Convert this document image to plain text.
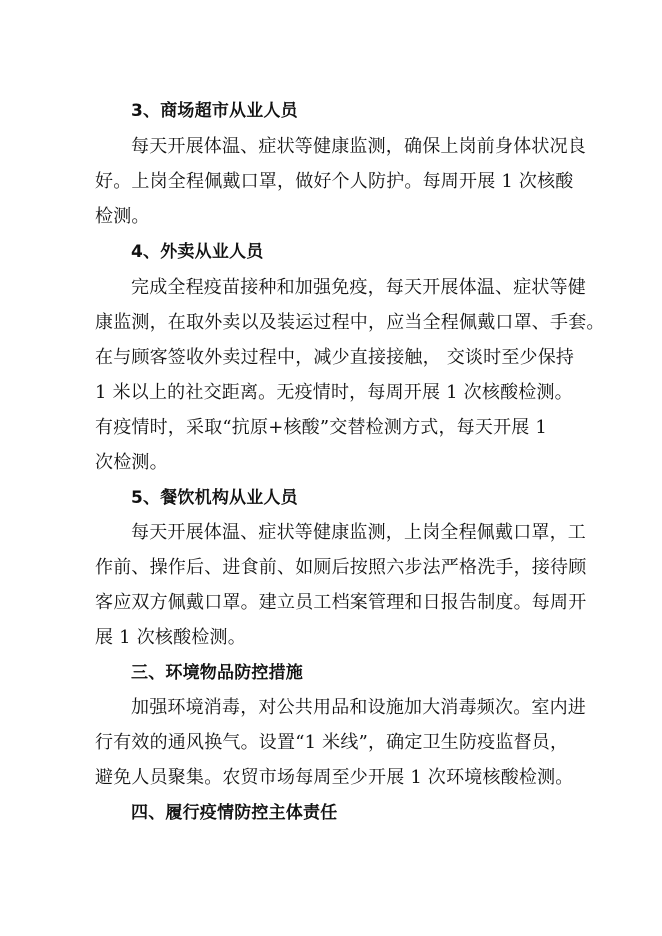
3、商场超市从业人员
每天开展体温、症状等健康监测，确保上岗前身体状况良
好。上岗全程佩戴口罩，做好个人防护。每周开展 1 次核酸
检测。
4、外卖从业人员
完成全程疫苗接种和加强免疫，每天开展体温、症状等健
康监测，在取外卖以及装运过程中，应当全程佩戴口罩、手套。
在与顾客签收外卖过程中，减少直接接触， 交谈时至少保持
1 米以上的社交距离。无疫情时，每周开展 1 次核酸检测。
有疫情时，采取“抗原+核酸”交替检测方式，每天开展 1
次检测。
5、餐饮机构从业人员
每天开展体温、症状等健康监测，上岗全程佩戴口罩，工
作前、操作后、进食前、如厕后按照六步法严格洗手，接待顾
客应双方佩戴口罩。建立员工档案管理和日报告制度。每周开
展 1 次核酸检测。
三、环境物品防控措施
加强环境消毒，对公共用品和设施加大消毒频次。室内进
行有效的通风换气。设置“1 米线”，确定卫生防疫监督员，
避免人员聚集。农贸市场每周至少开展 1 次环境核酸检测。
四、履行疫情防控主体责任
